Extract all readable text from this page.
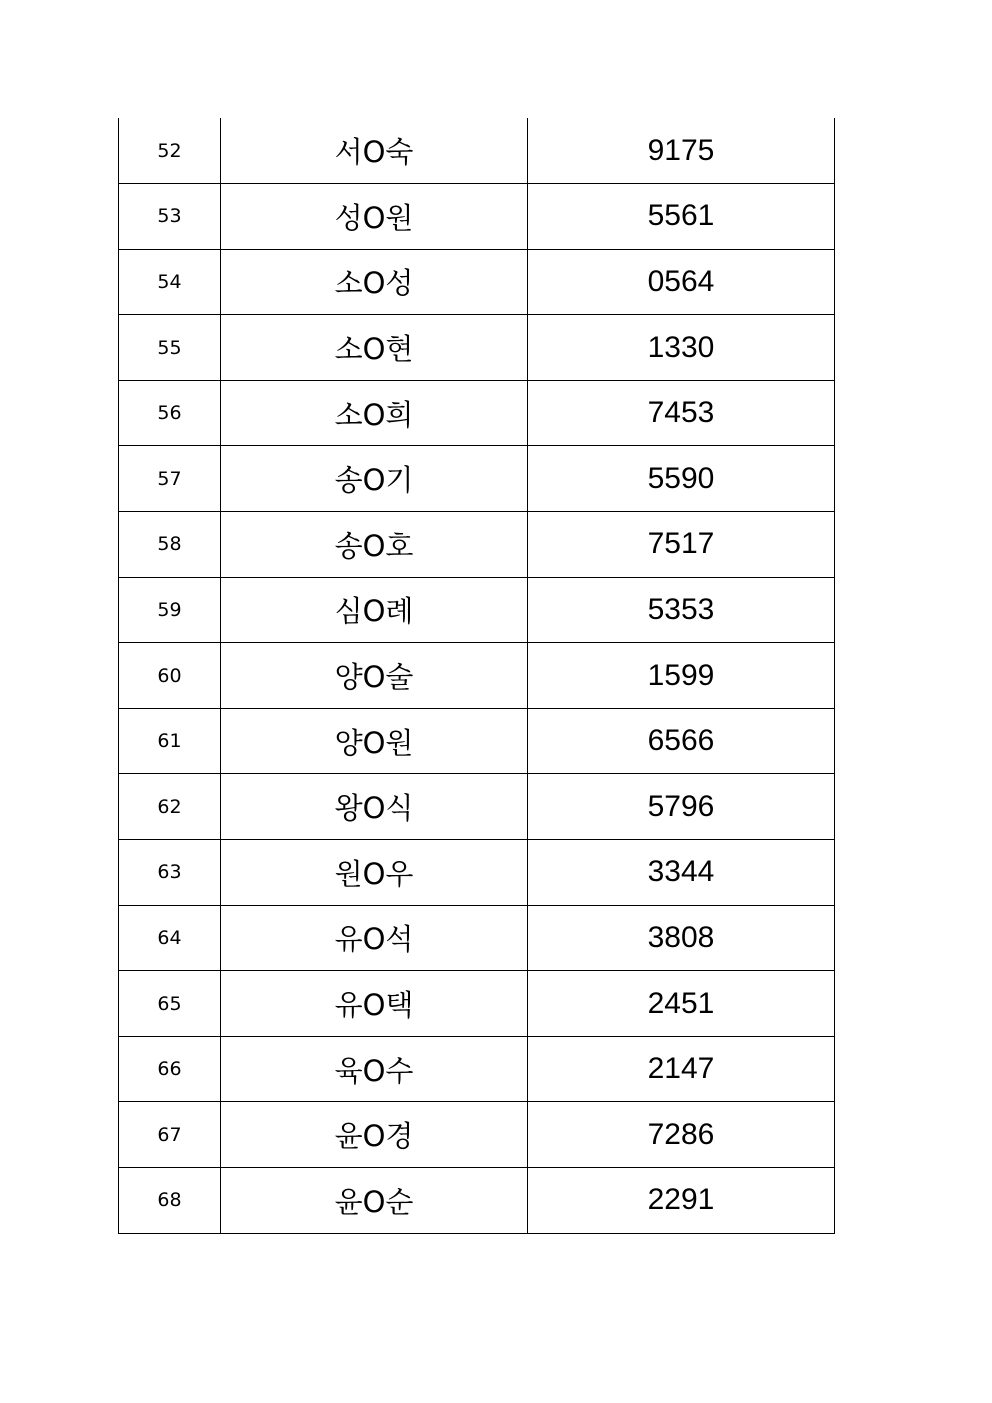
52	서O숙	9175
53	성O원	5561
54	소O성	0564
55	소O현	1330
56	소O희	7453
57	송O기	5590
58	송O호	7517
59	심O례	5353
60	양O술	1599
61	양O원	6566
62	왕O식	5796
63	원O우	3344
64	유O석	3808
65	유O택	2451
66	육O수	2147
67	윤O경	7286
68	윤O순	2291
